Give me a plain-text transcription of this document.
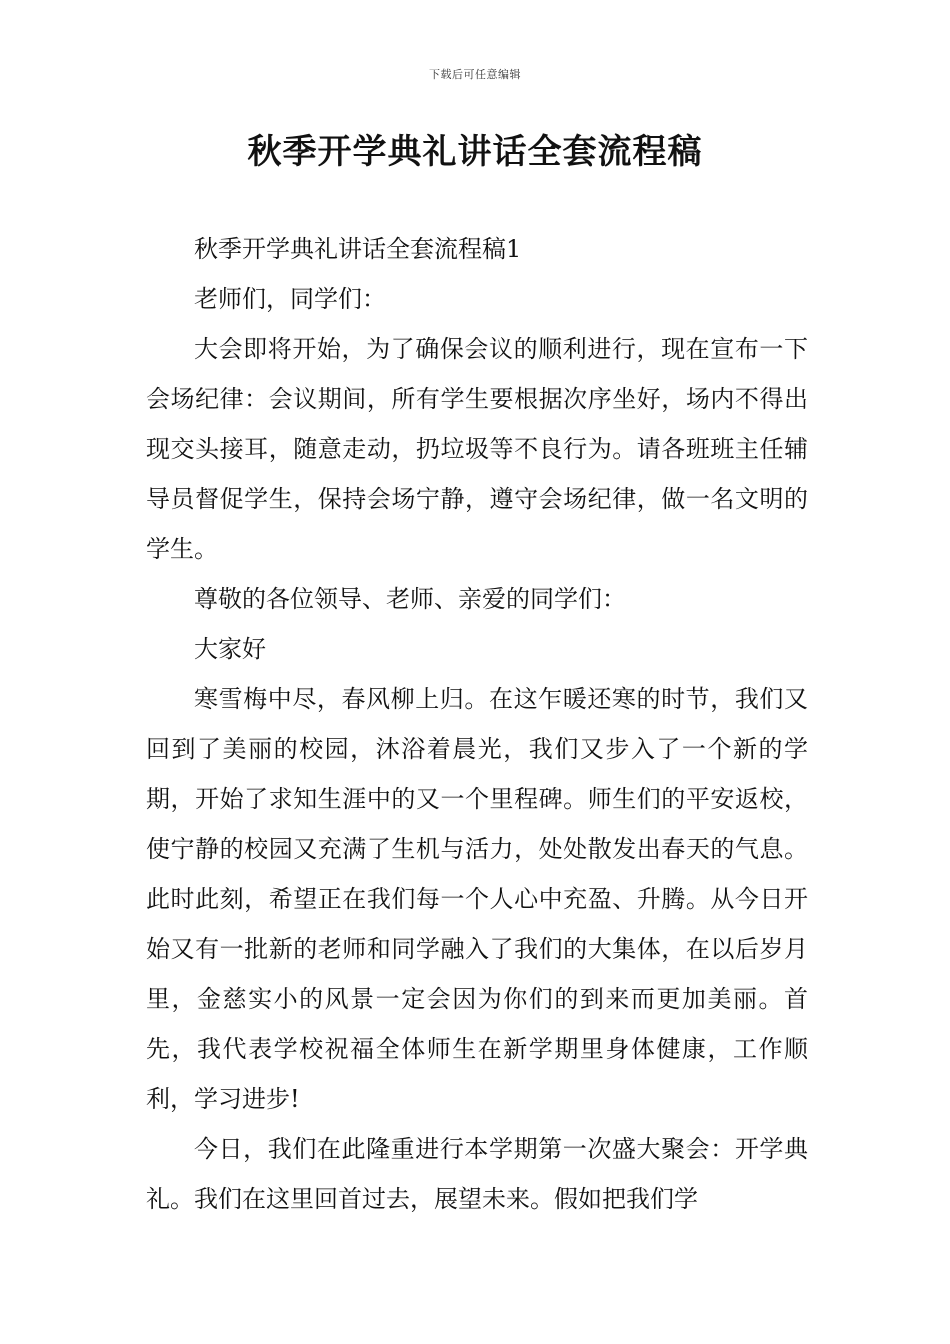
下载后可任意编辑
秋季开学典礼讲话全套流程稿

秋季开学典礼讲话全套流程稿1

老师们，同学们：

大会即将开始，为了确保会议的顺利进行，现在宣布一下会场纪律：会议期间，所有学生要根据次序坐好，场内不得出现交头接耳，随意走动，扔垃圾等不良行为。请各班班主任辅导员督促学生，保持会场宁静，遵守会场纪律，做一名文明的学生。

尊敬的各位领导、老师、亲爱的同学们：

大家好

寒雪梅中尽，春风柳上归。在这乍暖还寒的时节，我们又回到了美丽的校园，沐浴着晨光，我们又步入了一个新的学期，开始了求知生涯中的又一个里程碑。师生们的平安返校，使宁静的校园又充满了生机与活力，处处散发出春天的气息。此时此刻，希望正在我们每一个人心中充盈、升腾。从今日开始又有一批新的老师和同学融入了我们的大集体，在以后岁月里，金慈实小的风景一定会因为你们的到来而更加美丽。首先，我代表学校祝福全体师生在新学期里身体健康，工作顺利，学习进步!

今日，我们在此隆重进行本学期第一次盛大聚会：开学典礼。我们在这里回首过去，展望未来。假如把我们学
